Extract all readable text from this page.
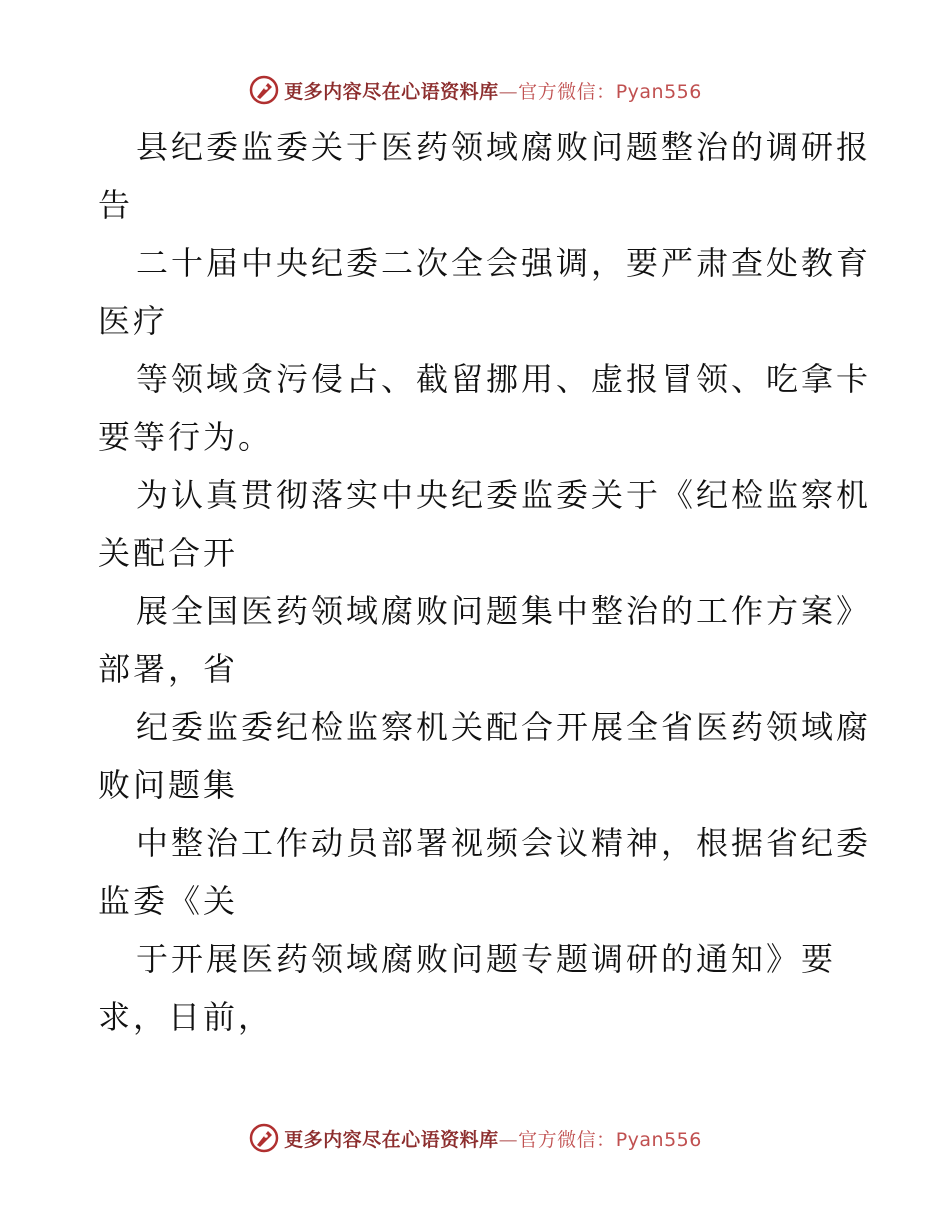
更多内容尽在心语资料库—官方微信：Pyan556

县纪委监委关于医药领域腐败问题整治的调研报
告

二十届中央纪委二次全会强调，要严肃查处教育
医疗

等领域贪污侵占、截留挪用、虚报冒领、吃拿卡
要等行为。

为认真贯彻落实中央纪委监委关于《纪检监察机
关配合开

展全国医药领域腐败问题集中整治的工作方案》
部署，省

纪委监委纪检监察机关配合开展全省医药领域腐
败问题集

中整治工作动员部署视频会议精神，根据省纪委
监委《关

于开展医药领域腐败问题专题调研的通知》要
求，日前，

更多内容尽在心语资料库—官方微信：Pyan556
